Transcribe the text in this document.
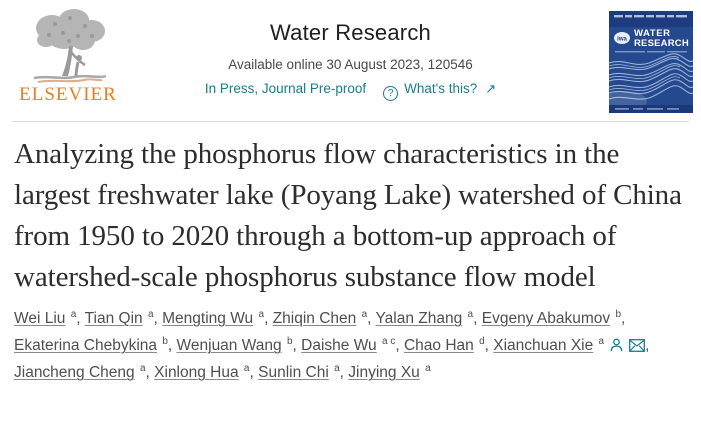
ELSEVIER
Water Research
Available online 30 August 2023, 120546
In Press, Journal Pre-proof ? What's this? ↗
iwa
WATER
RESEARCH
Analyzing the phosphorus flow characteristics in the largest freshwater lake (Poyang Lake) watershed of China from 1950 to 2020 through a bottom-up approach of watershed-scale phosphorus substance flow model
Wei Liu $^a$, Tian Qin $^a$, Mengting Wu $^a$, Zhiqin Chen $^a$, Yalan Zhang $^a$, Evgeny Abakumov $^b$, Ekaterina Chebykina $^b$, Wenjuan Wang $^b$, Daishe Wu $^{a c}$, Chao Han $^d$, Xianchuan Xie $^a$	, Jiancheng Cheng $^a$, Xinlong Hua $^a$, Sunlin Chi $^a$, Jinying Xu $^a$
